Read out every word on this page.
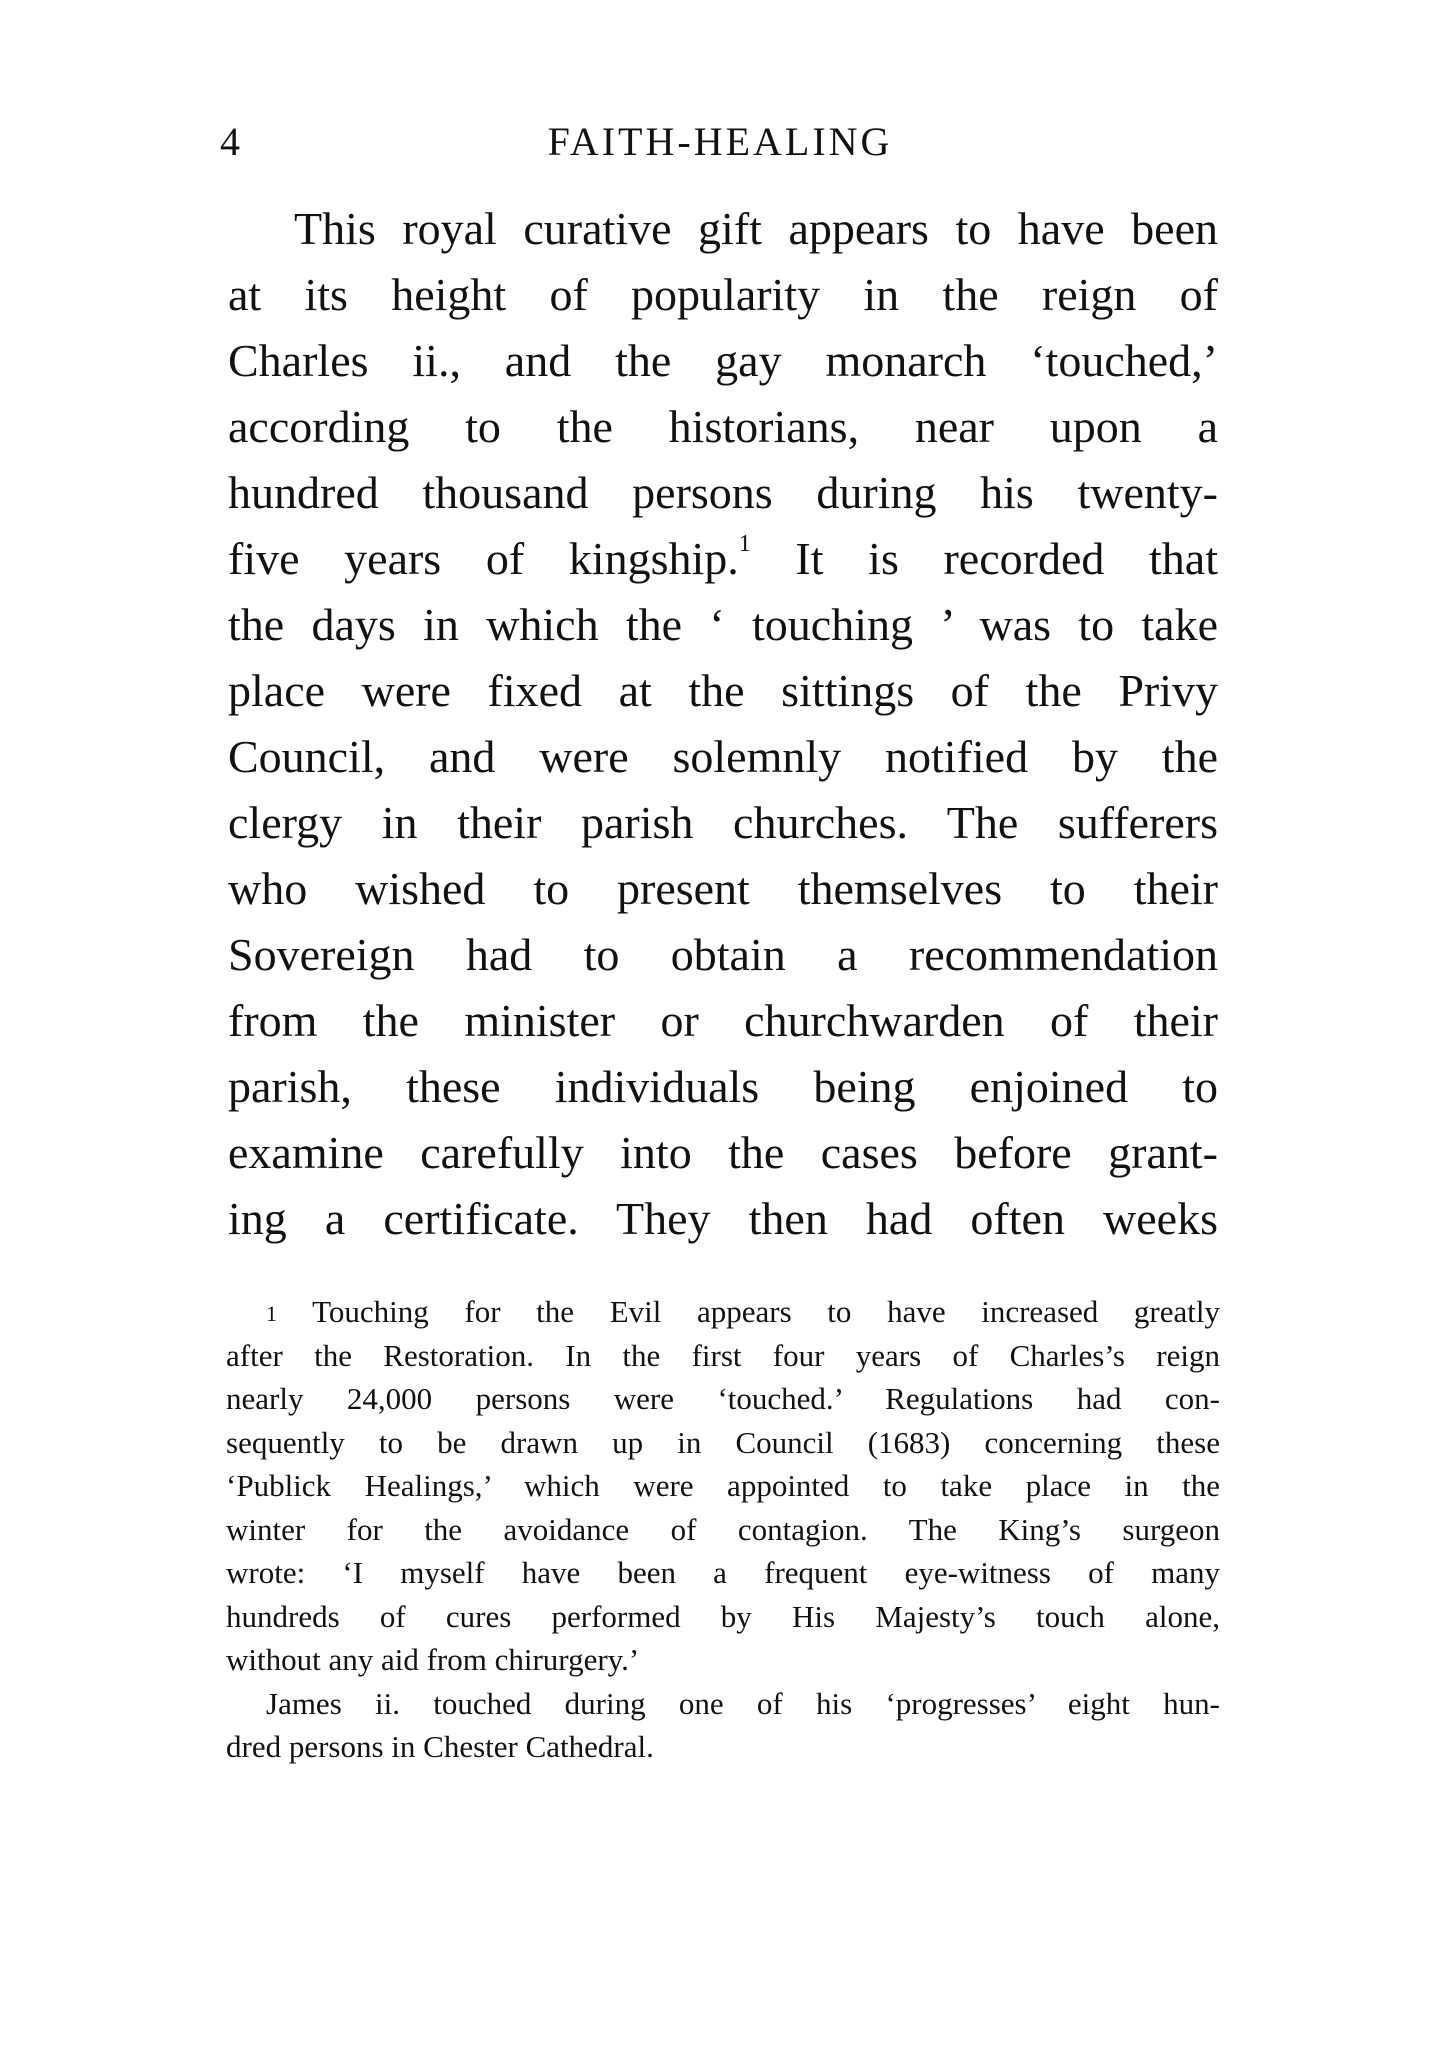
4	FAITH-HEALING
This royal curative gift appears to have been
at its height of popularity in the reign of
Charles ii., and the gay monarch ‘touched,’
according to the historians, near upon a
hundred thousand persons during his twenty-
five years of kingship.$^1$ It is recorded that
the days in which the ‘ touching ’ was to take
place were fixed at the sittings of the Privy
Council, and were solemnly notified by the
clergy in their parish churches. The sufferers
who wished to present themselves to their
Sovereign had to obtain a recommendation
from the minister or churchwarden of their
parish, these individuals being enjoined to
examine carefully into the cases before grant-
ing a certificate. They then had often weeks
$^1$ Touching for the Evil appears to have increased greatly
after the Restoration. In the first four years of Charles’s reign
nearly 24,000 persons were ‘touched.’ Regulations had con-
sequently to be drawn up in Council (1683) concerning these
‘Publick Healings,’ which were appointed to take place in the
winter for the avoidance of contagion. The King’s surgeon
wrote: ‘I myself have been a frequent eye-witness of many
hundreds of cures performed by His Majesty’s touch alone,
without any aid from chirurgery.’
James ii. touched during one of his ‘progresses’ eight hun-
dred persons in Chester Cathedral.
